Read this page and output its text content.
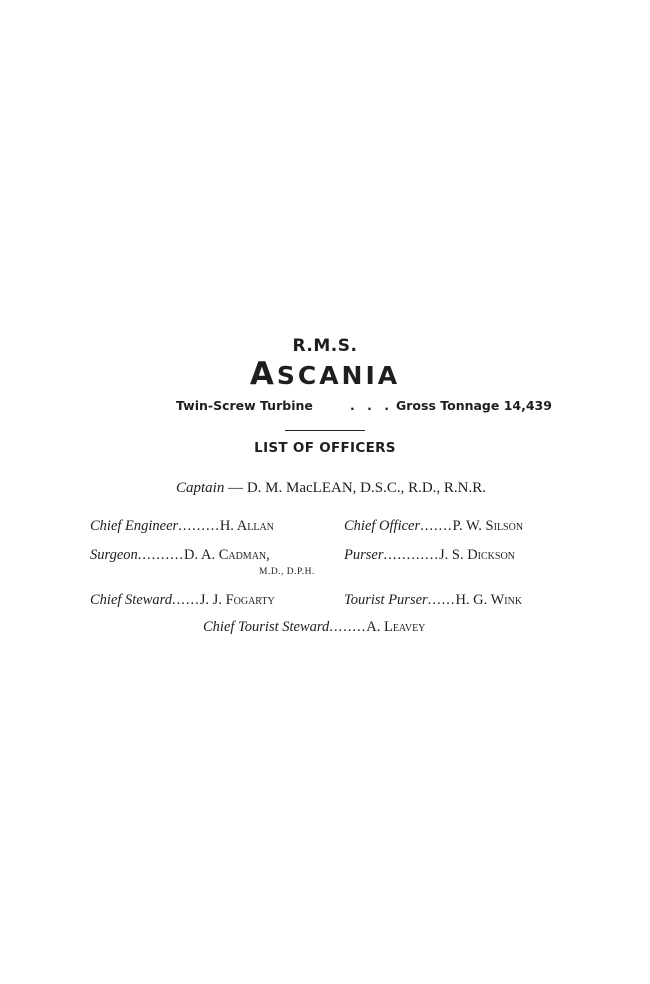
R.M.S.
ASCANIA
Twin-Screw Turbine	. . . Gross Tonnage 14,439
LIST OF OFFICERS
Captain — D. M. MacLEAN, D.S.C., R.D., R.N.R.
Chief Engineer.........H. Allan
Surgeon..........D. A. Cadman,
M.D., D.P.H.
Chief Steward......J. J. Fogarty
Chief Officer.......P. W. Silson
Purser............J. S. Dickson
Tourist Purser......H. G. Wink
Chief Tourist Steward........A. Leavey
